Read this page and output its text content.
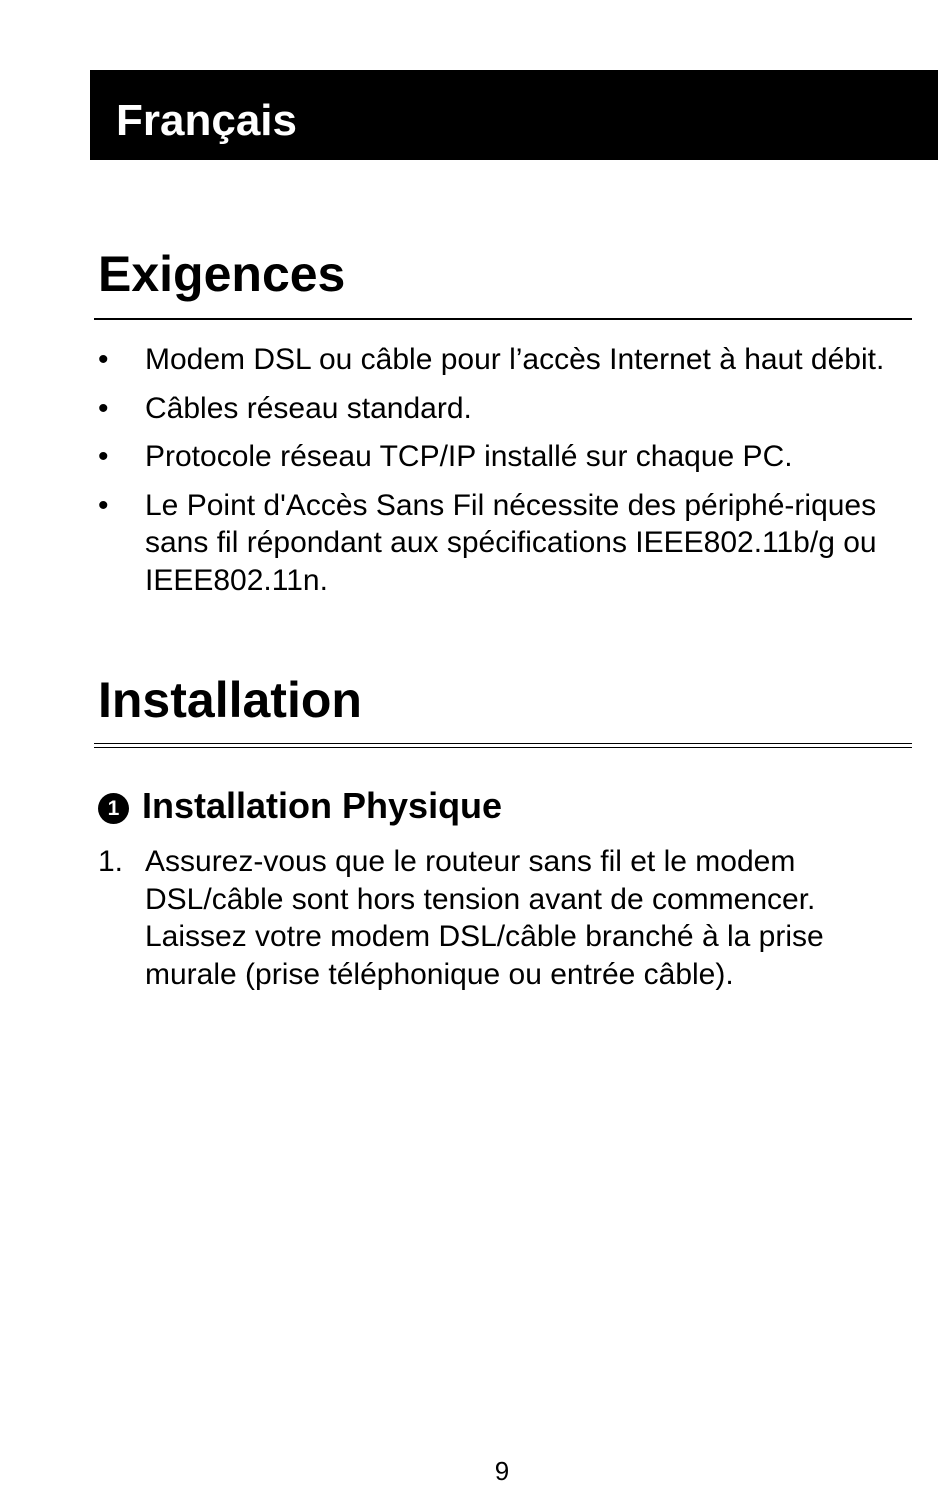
Français
Exigences
• Modem DSL ou câble pour l’accès Internet à haut débit.
• Câbles réseau standard.
• Protocole réseau TCP/IP installé sur chaque PC.
• Le Point d'Accès Sans Fil nécessite des périphé-riques sans fil répondant aux spécifications IEEE802.11b/g ou IEEE802.11n.
Installation
1 Installation Physique
1. Assurez-vous que le routeur sans fil et le modem DSL/câble sont hors tension avant de commencer. Laissez votre modem DSL/câble branché à la prise murale (prise téléphonique ou entrée câble).
9
